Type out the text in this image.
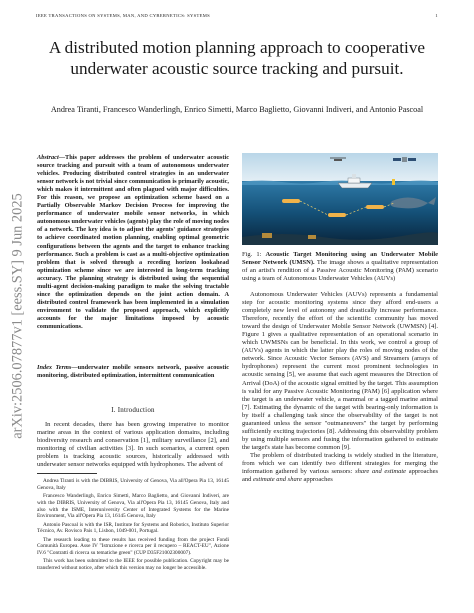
IEEE TRANSACTIONS ON SYSTEMS, MAN, AND CYBERNETICS: SYSTEMS	1
A distributed motion planning approach to cooperative underwater acoustic source tracking and pursuit.
Andrea Tiranti, Francesco Wanderlingh, Enrico Simetti, Marco Baglietto, Giovanni Indiveri, and Antonio Pascoal
arXiv:2506.07877v1 [eess.SY] 9 Jun 2025
Abstract—This paper addresses the problem of underwater acoustic source tracking and pursuit with a team of autonomous underwater vehicles. Producing distributed control strategies in an underwater sensor network is not trivial since communication is primarily acoustic, which makes it intermittent and often plagued with major difficulties. For this reason, we propose an optimization scheme based on a Partially Observable Markov Decision Process for improving the performance of underwater mobile sensor networks, in which autonomous underwater vehicles (agents) play the role of moving nodes of a network. The key idea is to adjust the agents' guidance strategies to achieve coordinated motion planning, enabling optimal geometric configurations between the agents and the target to enhance tracking performance. Such a problem is cast as a multi-objective optimization problem that is solved through a receding horizon lookahead optimization scheme since we are interested in long-term tracking accuracy. The planning strategy is distributed using the sequential multi-agent decision-making paradigm to make the solving tractable since the optimization depends on the joint action domain. A distributed control framework has been implemented in a simulation environment to validate the proposed approach, which explicitly accounts for the major limitations imposed by acoustic communications.
Index Terms—underwater mobile sensors network, passive acoustic monitoring, distributed optimization, intermittent communication
I. Introduction

In recent decades, there has been growing imperative to monitor marine areas in the context of various application domains, including biodiversity research and conservation [1], military surveillance [2], and monitoring of civilian activities [3]. In such scenarios, a current open problem is tracking acoustic sources, historically addressed with underwater sensor networks equipped with hydrophones. The advent of

Andrea Tiranti is with the DIBRIS, University of Genova, Via all'Opera Pia 13, 16145 Genova, Italy

Francesco Wanderlingh, Enrico Simetti, Marco Baglietto, and Giovanni Indiveri, are with the DIBRIS, University of Genova, Via all'Opera Pia 13, 16145 Genova, Italy and also with the ISME, Interuniversity Center of Integrated Systems for the Marine Environment, Via all'Opera Pia 13, 16145 Genova, Italy

Antonio Pascoal is with the ISR, Institute for Systems and Robotics, Instituto Superior Técnico, Av. Rovisco Pais 1, Lisbon, 1049-001, Portugal.

The research leading to these results has received funding from the project Fondi Comunità Europea. Asse IV "Istruzione e ricerca per il recupero – REACT-EU", Azione IV.6 "Contratti di ricerca su tematiche green" (CUP D35F21002300007).

This work has been submitted to the IEEE for possible publication. Copyright may be transferred without notice, after which this version may no longer be accessible.

Fig. 1: Acoustic Target Monitoring using an Underwater Mobile Sensor Network (UMSN). The image shows a qualitative representation of an artist's rendition of a Passive Acoustic Monitoring (PAM) scenario using a team of Autonomous Underwater Vehicles (AUVs)

Autonomous Underwater Vehicles (AUVs) represents a fundamental step for acoustic monitoring systems since they afford end-users a completely new level of autonomy and drastically increase performance. Therefore, recently the effort of the scientific community has moved toward the design of Underwater Mobile Sensor Network (UWMSN) [4]. Figure 1 gives a qualitative representation of an operational scenario in which UWMSNs can be beneficial. In this work, we control a group of (AUVs) agents in which the latter play the roles of moving nodes of the network. Since Acoustic Vector Sensors (AVS) and Streamers (arrays of hydrophones) represent the current most prominent technologies in acoustic sensing [5], we assume that each agent measures the Direction of Arrival (DoA) of the acoustic signal emitted by the target. This assumption is valid for any Passive Acoustic Monitoring (PAM) [6] application where the target is an underwater vehicle, a mammal or a tagged marine animal [7]. Estimating the dynamic of the target with bearing-only information is by itself a challenging task since the observability of the target is not guaranteed unless the sensor "outmaneuvers" the target by performing sufficiently exciting trajectories [8]. Addressing this observability problem by using multiple sensors and fusing the information gathered to estimate the target's state has become common [9].

The problem of distributed tracking is widely studied in the literature, from which we can identify two different strategies for merging the information gathered by various sensors: share and estimate approaches and estimate and share approaches
